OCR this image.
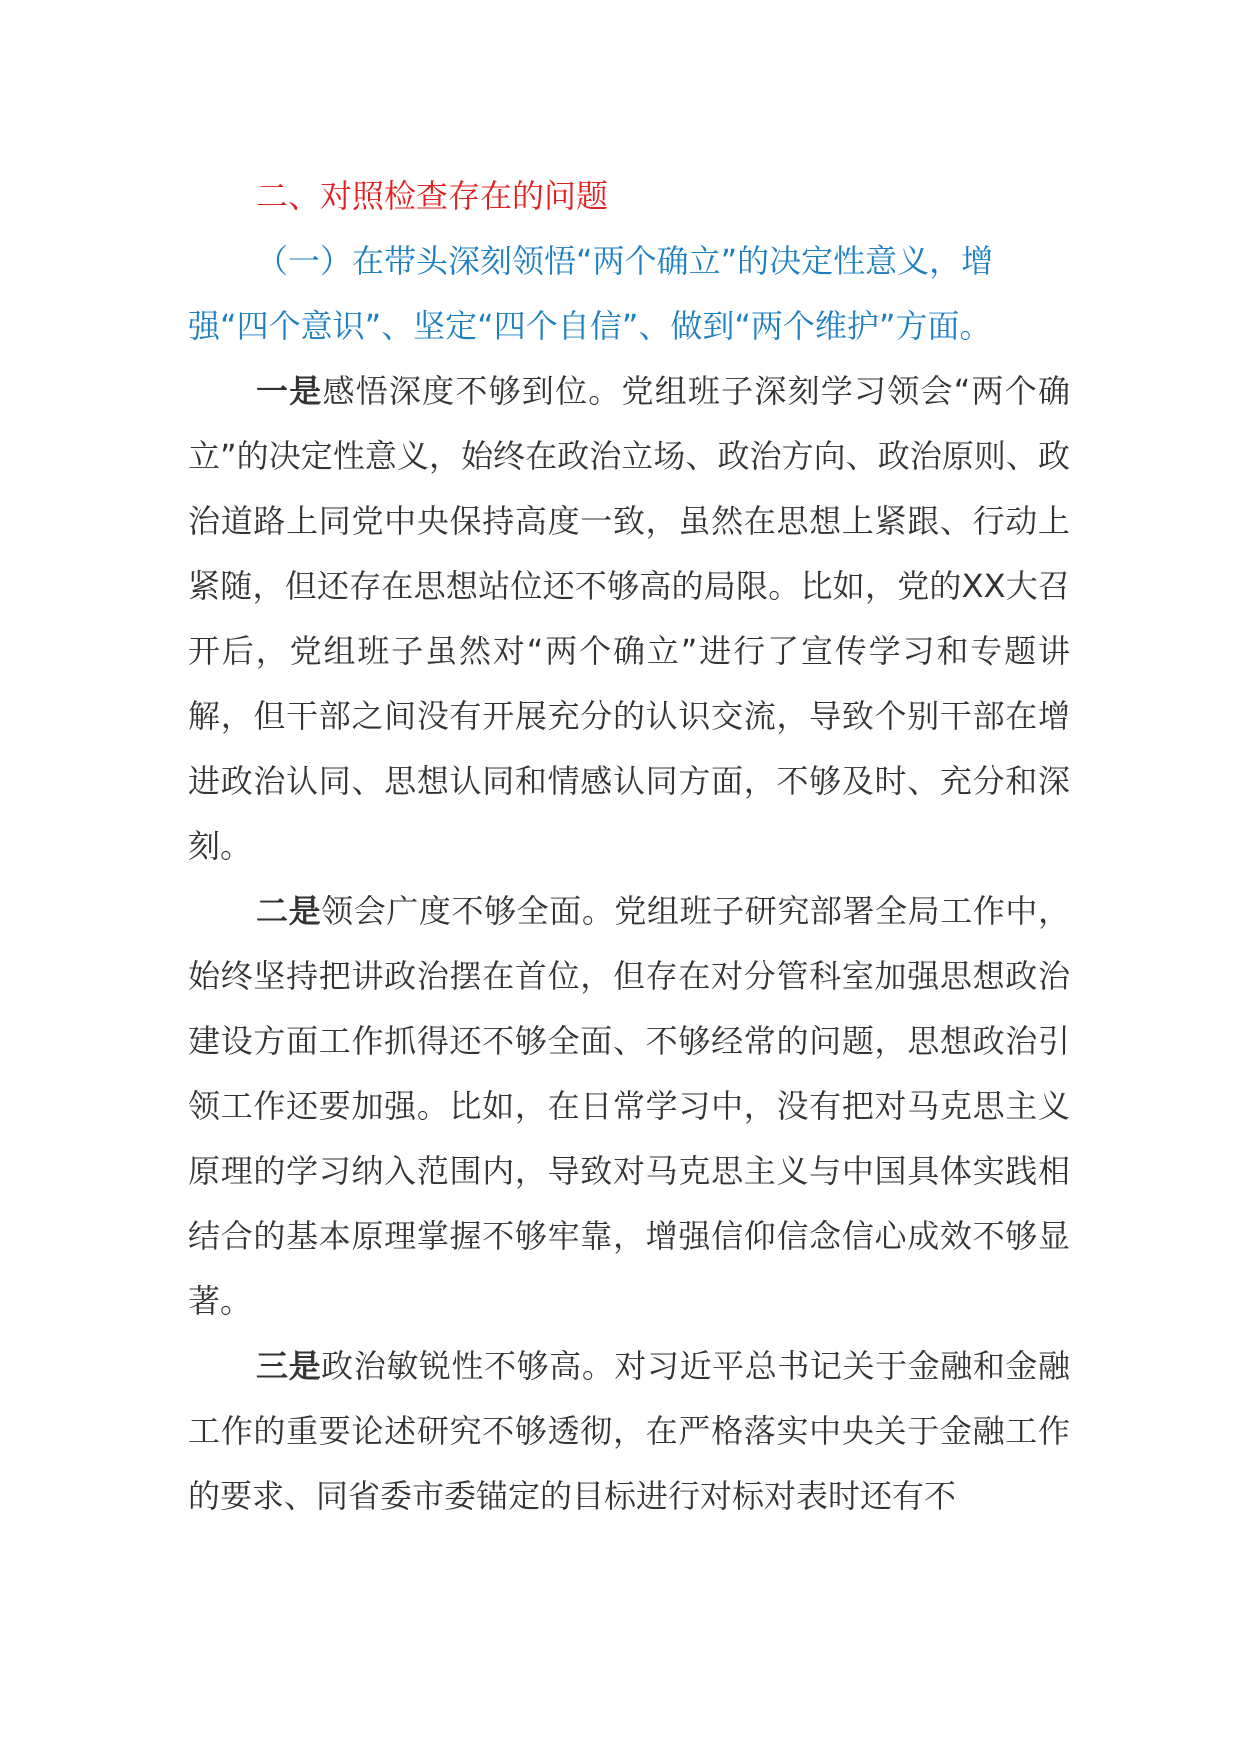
二、对照检查存在的问题

（一）在带头深刻领悟“两个确立”的决定性意义，增强“四个意识”、坚定“四个自信”、做到“两个维护”方面。

一是感悟深度不够到位。党组班子深刻学习领会“两个确立”的决定性意义，始终在政治立场、政治方向、政治原则、政治道路上同党中央保持高度一致，虽然在思想上紧跟、行动上紧随，但还存在思想站位还不够高的局限。比如，党的XX大召开后，党组班子虽然对“两个确立”进行了宣传学习和专题讲解，但干部之间没有开展充分的认识交流，导致个别干部在增进政治认同、思想认同和情感认同方面，不够及时、充分和深刻。

二是领会广度不够全面。党组班子研究部署全局工作中，始终坚持把讲政治摆在首位，但存在对分管科室加强思想政治建设方面工作抓得还不够全面、不够经常的问题，思想政治引领工作还要加强。比如，在日常学习中，没有把对马克思主义原理的学习纳入范围内，导致对马克思主义与中国具体实践相结合的基本原理掌握不够牢靠，增强信仰信念信心成效不够显著。

三是政治敏锐性不够高。对习近平总书记关于金融和金融工作的重要论述研究不够透彻，在严格落实中央关于金融工作的要求、同省委市委锚定的目标进行对标对表时还有不
